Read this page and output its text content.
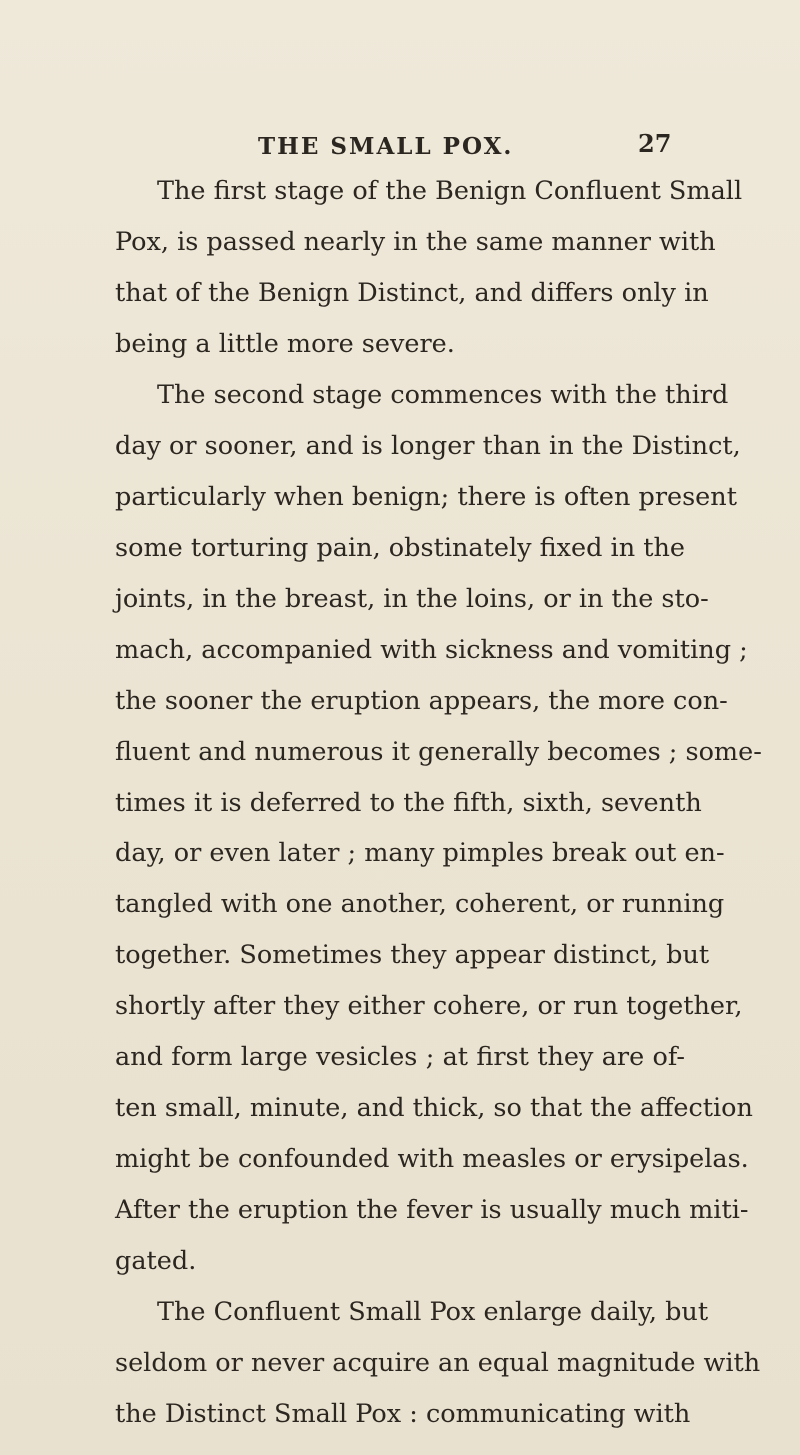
THE SMALL POX.	27
The first stage of the Benign Confluent Small
Pox, is passed nearly in the same manner with
that of the Benign Distinct, and differs only in
being a little more severe.
The second stage commences with the third
day or sooner, and is longer than in the Distinct,
particularly when benign; there is often present
some torturing pain, obstinately fixed in the
joints, in the breast, in the loins, or in the sto-
mach, accompanied with sickness and vomiting ;
the sooner the eruption appears, the more con-
fluent and numerous it generally becomes ; some-
times it is deferred to the fifth, sixth, seventh
day, or even later ; many pimples break out en-
tangled with one another, coherent, or running
together. Sometimes they appear distinct, but
shortly after they either cohere, or run together,
and form large vesicles ; at first they are of-
ten small, minute, and thick, so that the affection
might be confounded with measles or erysipelas.
After the eruption the fever is usually much miti-
gated.
The Confluent Small Pox enlarge daily, but
seldom or never acquire an equal magnitude with
the Distinct Small Pox : communicating with
